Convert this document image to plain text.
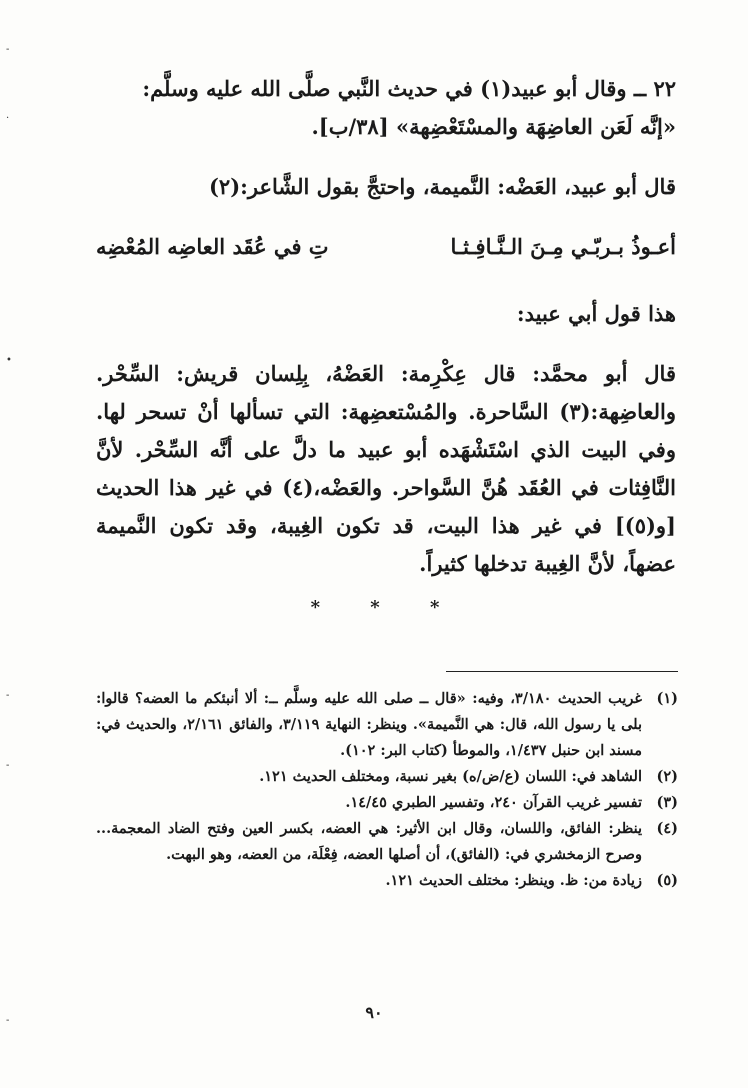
٢٢ ــ وقال أبو عبيد(١) في حديث النَّبي صلَّى الله عليه وسلَّم:

«إنَّه لَعَن العاضِهَة والمسْتَعْضِهة» [٣٨/ب].

قال أبو عبيد، العَضْه: النَّميمة، واحتجَّ بقول الشَّاعر:(٢)

أعـوذُ بـربّـي مِـنَ الـنَّـافِـثـا
تِ في عُقَد العاضِه المُعْضِه

هذا قول أبي عبيد:

قال أبو محمَّد: قال عِكْرِمة: العَضْهُ، بِلِسان قريش: السِّحْر. والعاضِهة:(٣) السَّاحرة. والمُسْتعضِهة: التي تسألها أنْ تسحر لها. وفي البيت الذي اسْتَشْهَده أبو عبيد ما دلَّ على أنَّه السِّحْر. لأنَّ النَّافِثات في العُقَد هُنَّ السَّواحر. والعَضْه،(٤) في غير هذا الحديث [و(٥)] في غير هذا البيت، قد تكون الغِيبة، وقد تكون النَّميمة عضهاً، لأنَّ الغِيبة تدخلها كثيراً.

* * *
(١)
غريب الحديث ٣/١٨٠، وفيه: «قال ــ صلى الله عليه وسلَّم ــ: ألا أنبئكم ما العضه؟ قالوا: بلى يا رسول الله، قال: هي النَّميمة». وينظر: النهاية ٣/١١٩، والفائق ٢/١٦١، والحديث في: مسند ابن حنبل ١/٤٣٧، والموطأ (كتاب البر: ١٠٢).
(٢)
الشاهد في: اللسان (ع/ض/ه) بغير نسبة، ومختلف الحديث ١٢١.
(٣)
تفسير غريب القرآن ٢٤٠، وتفسير الطبري ١٤/٤٥.
(٤)
ينظر: الفائق، واللسان، وقال ابن الأثير: هي العضه، بكسر العين وفتح الضاد المعجمة... وصرح الزمخشري في: (الفائق)، أن أصلها العضه، فِعْلَة، من العضه، وهو البهت.
(٥)
زيادة من: ظ. وينظر: مختلف الحديث ١٢١.
٩٠
-
.
•
-
-
-
